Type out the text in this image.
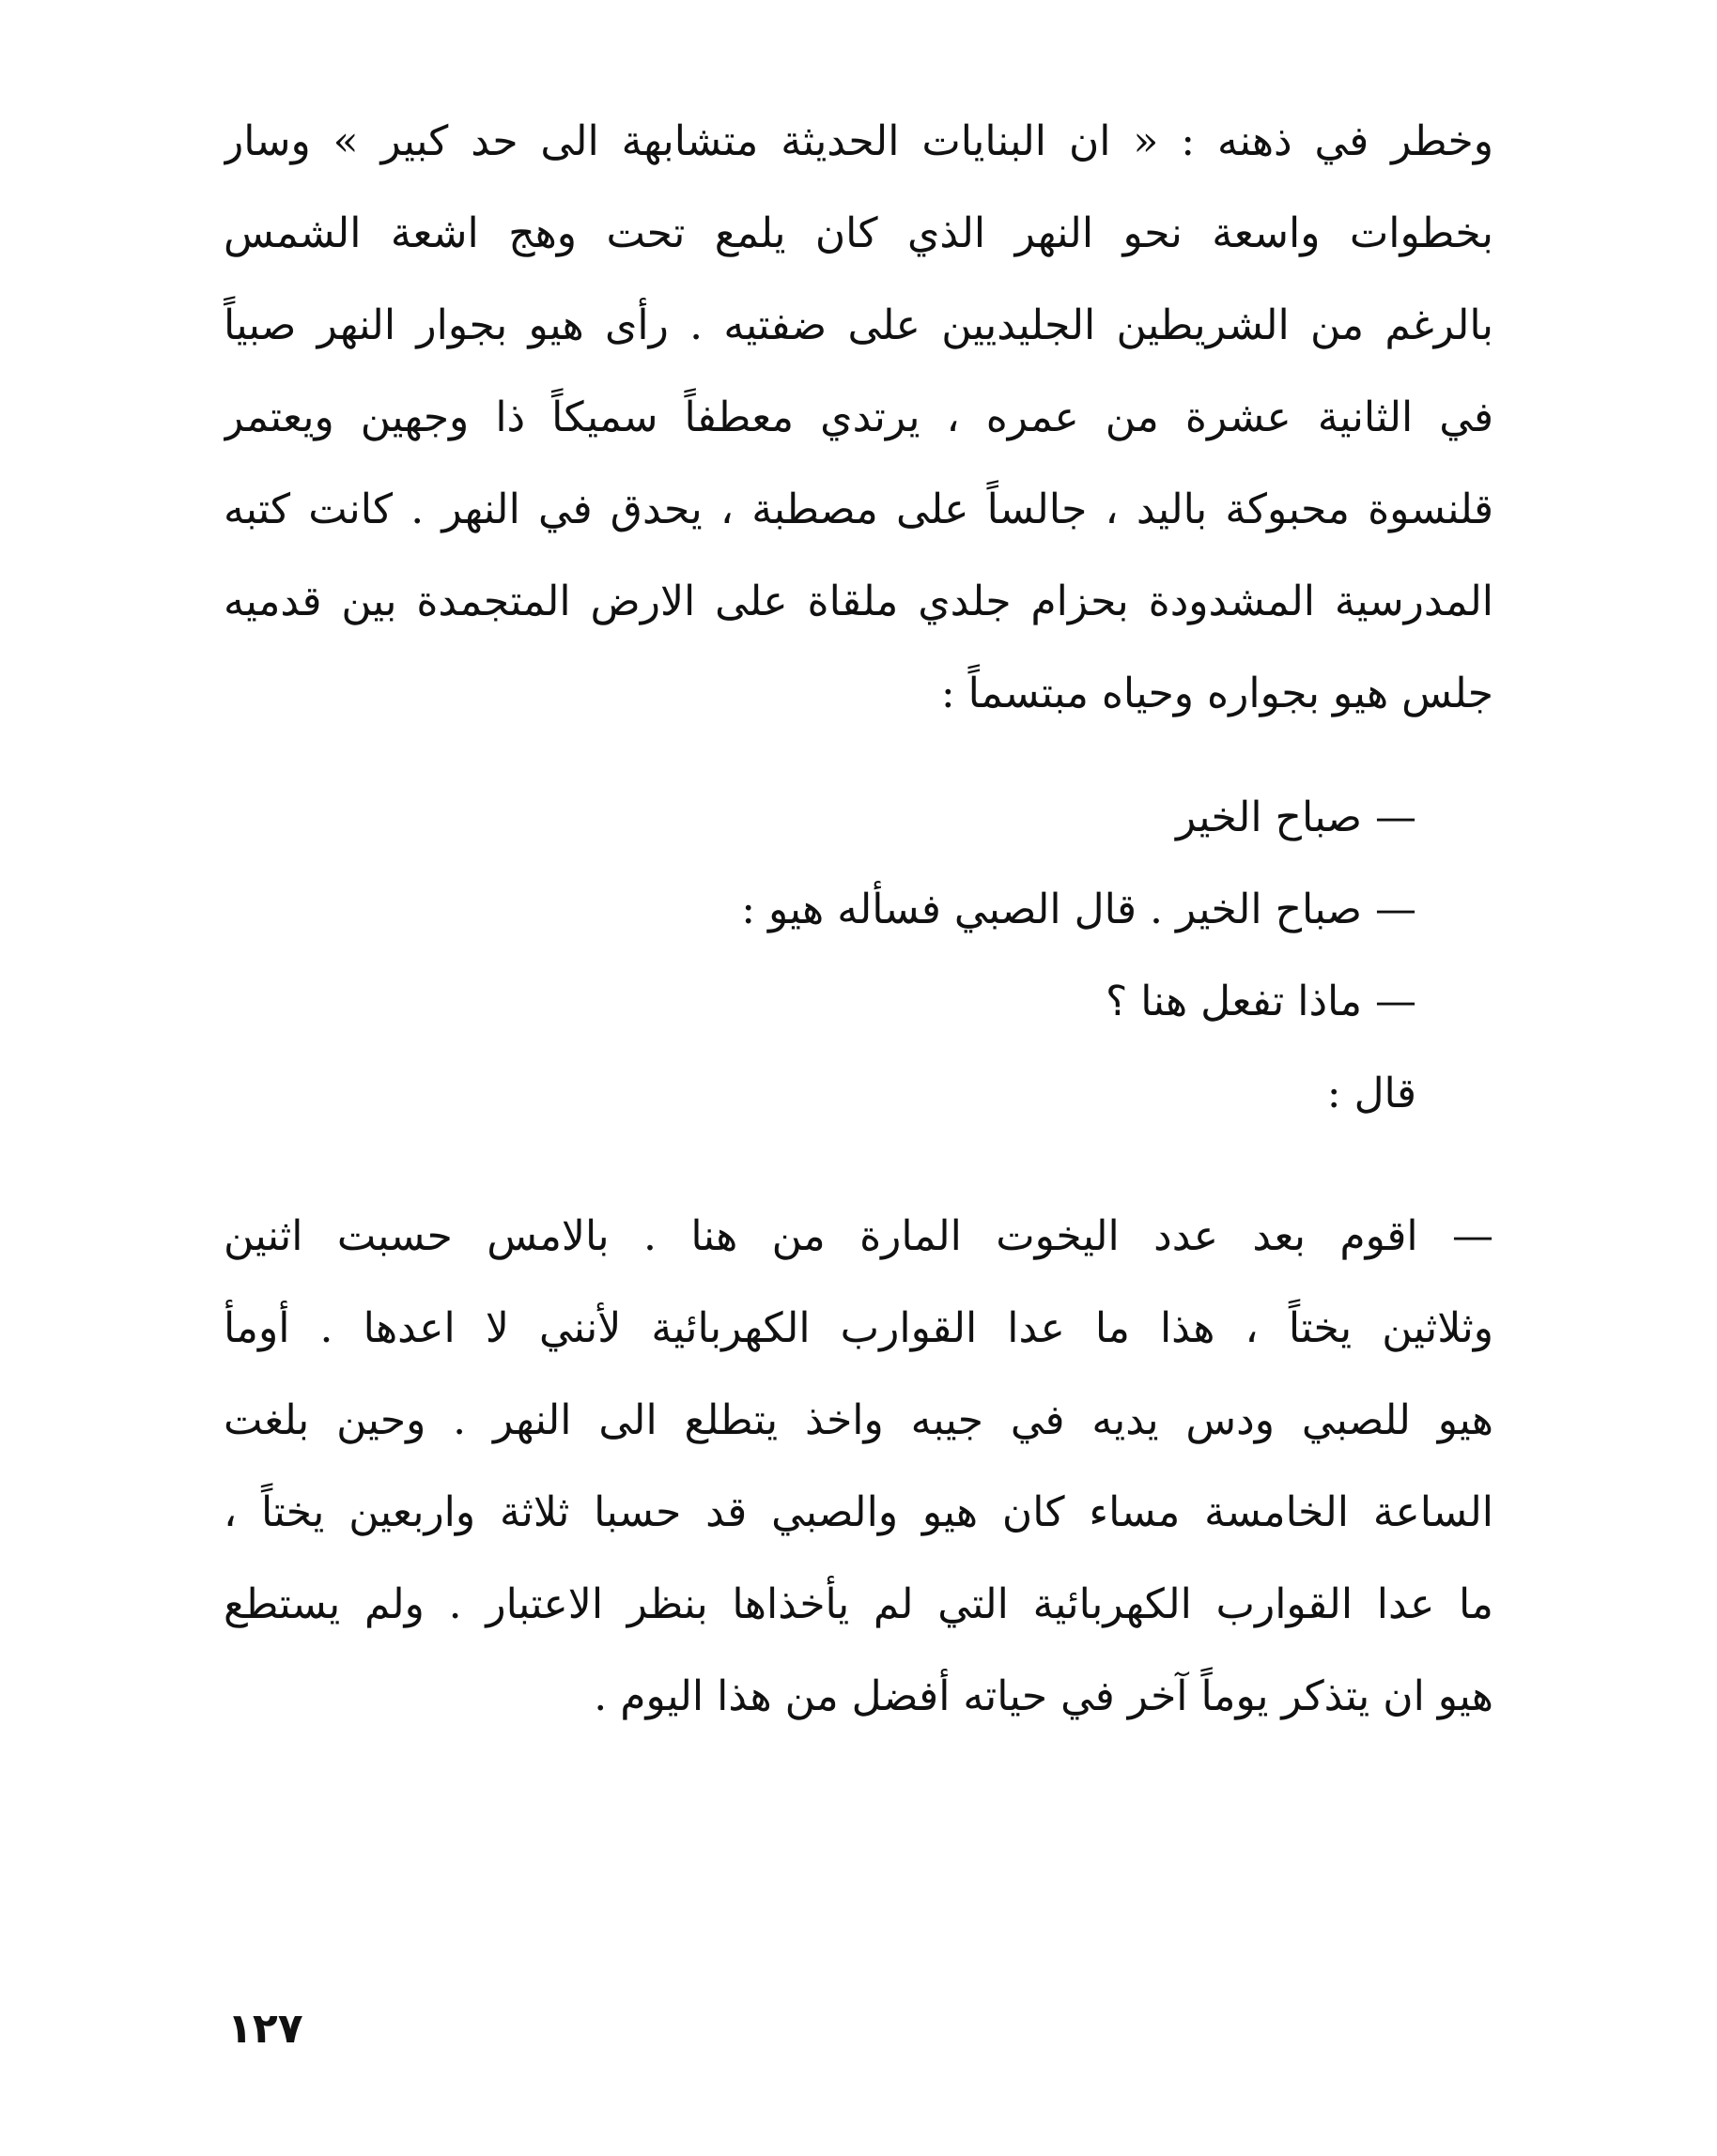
وخطر في ذهنه : « ان البنايات الحديثة متشابهة الى حد كبير » وسار
بخطوات واسعة نحو النهر الذي كان يلمع تحت وهج اشعة الشمس
بالرغم من الشريطين الجليديين على ضفتيه . رأى هيو بجوار النهر صبياً
في الثانية عشرة من عمره ، يرتدي معطفاً سميكاً ذا وجهين ويعتمر
قلنسوة محبوكة باليد ، جالساً على مصطبة ، يحدق في النهر . كانت كتبه
المدرسية المشدودة بحزام جلدي ملقاة على الارض المتجمدة بين قدميه
جلس هيو بجواره وحياه مبتسماً :
— صباح الخير
— صباح الخير . قال الصبي فسأله هيو :
— ماذا تفعل هنا ؟
قال :
— اقوم بعد عدد اليخوت المارة من هنا . بالامس حسبت اثنين
وثلاثين يختاً ، هذا ما عدا القوارب الكهربائية لأنني لا اعدها . أومأ
هيو للصبي ودس يديه في جيبه واخذ يتطلع الى النهر . وحين بلغت
الساعة الخامسة مساء كان هيو والصبي قد حسبا ثلاثة واربعين يختاً ،
ما عدا القوارب الكهربائية التي لم يأخذاها بنظر الاعتبار . ولم يستطع
هيو ان يتذكر يوماً آخر في حياته أفضل من هذا اليوم .
١٢٧
